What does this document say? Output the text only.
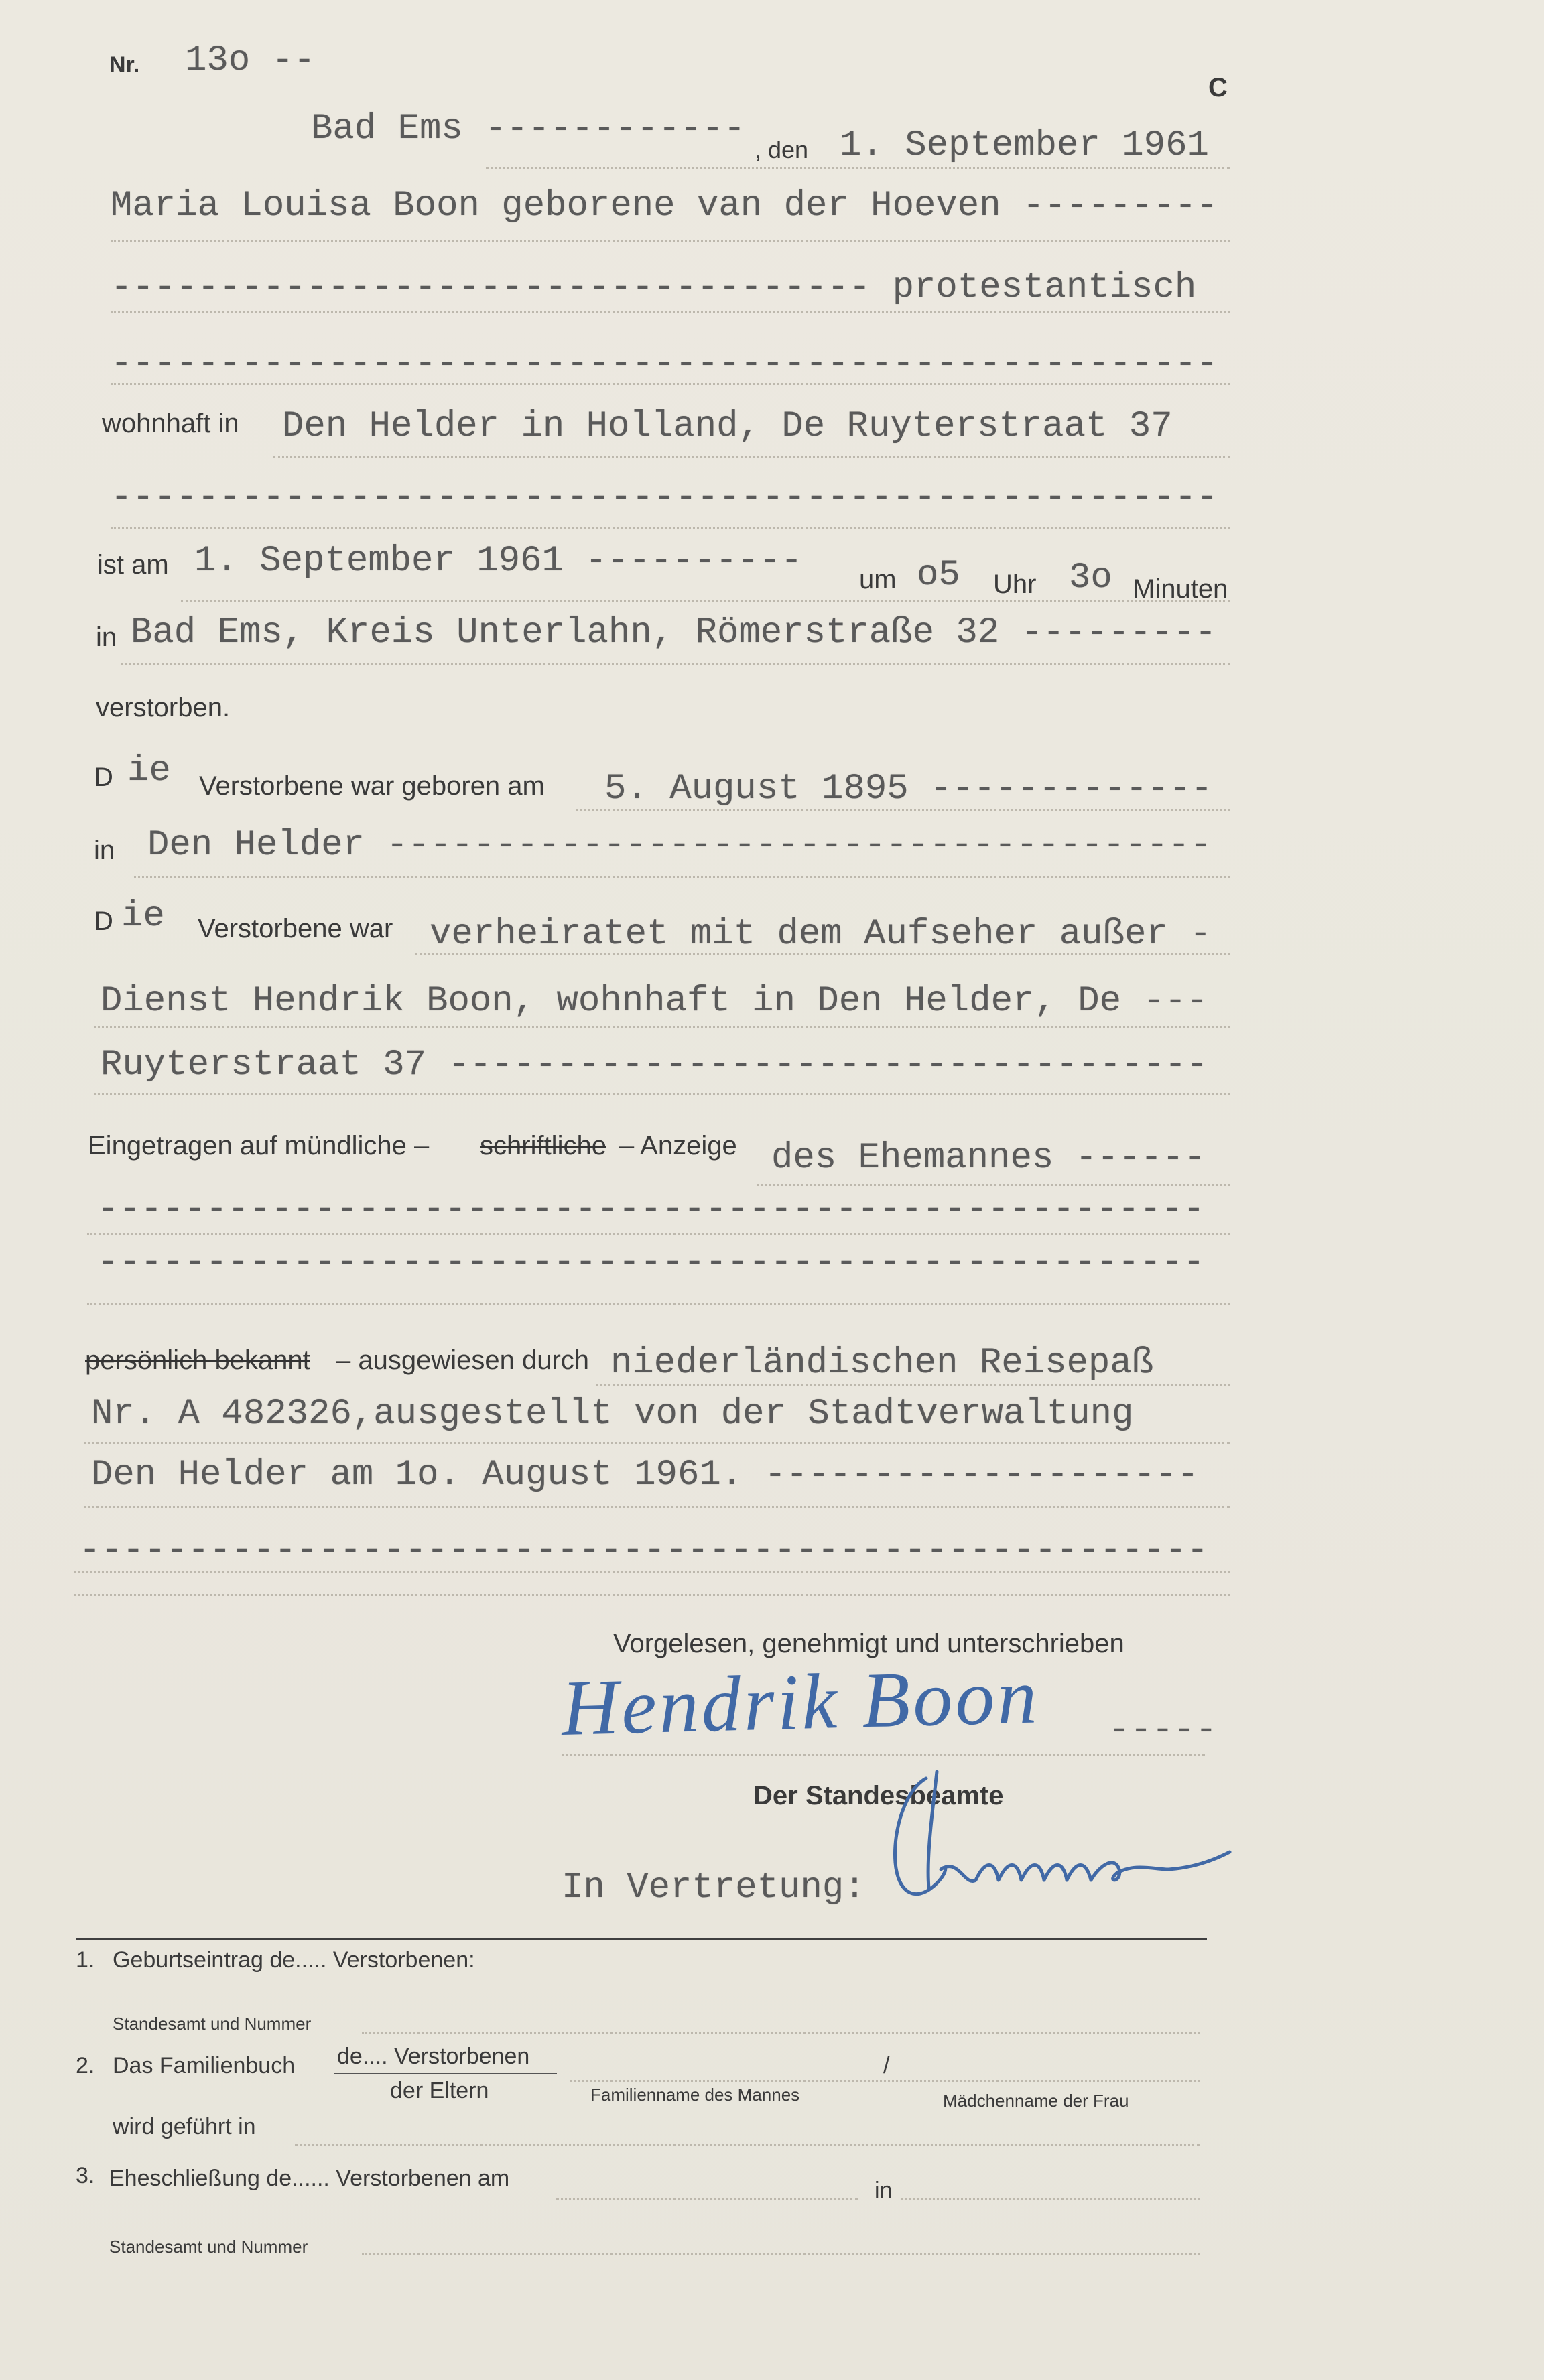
Nr. 13o --
C
Bad Ems ------------
, den 1. September 1961
Maria Louisa Boon geborene van der Hoeven ---------
----------------------------------- protestantisch
---------------------------------------------------
wohnhaft in Den Helder in Holland, De Ruyterstraat 37
---------------------------------------------------
ist am 1. September 1961 ---------- um o5 Uhr 3o Minuten
in Bad Ems, Kreis Unterlahn, Römerstraße 32 ---------
verstorben.
D ie Verstorbene war geboren am 5. August 1895 -------------
in Den Helder --------------------------------------
D ie Verstorbene war verheiratet mit dem Aufseher außer -
Dienst Hendrik Boon, wohnhaft in Den Helder, De ---
Ruyterstraat 37 -----------------------------------
Eingetragen auf mündliche – schriftliche – Anzeige des Ehemannes ------
---------------------------------------------------
---------------------------------------------------
persönlich bekannt – ausgewiesen durch niederländischen Reisepaß
Nr. A 482326,ausgestellt von der Stadtverwaltung
Den Helder am 1o. August 1961. --------------------
----------------------------------------------------
Vorgelesen, genehmigt und unterschrieben
Hendrik Boon -----
Der Standesbeamte
In Vertretung:
1. Geburtseintrag de..... Verstorbenen:
Standesamt und Nummer
2. Das Familienbuch de.... Verstorbenen
der Eltern	Familienname des Mannes
/
Mädchenname der Frau
wird geführt in
3. Eheschließung de...... Verstorbenen am	in
Standesamt und Nummer
